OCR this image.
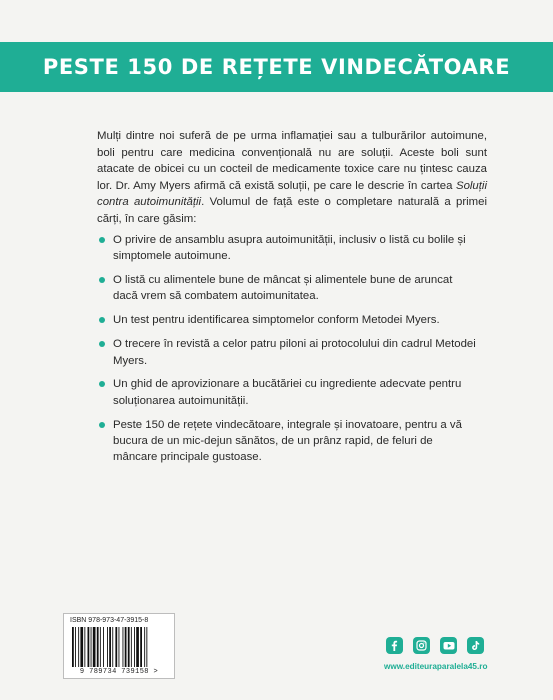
PESTE 150 DE REȚETE VINDECĂTOARE

Mulți dintre noi suferă de pe urma inflamației sau a tulburărilor autoimune, boli pentru care medicina convențională nu are soluții. Aceste boli sunt atacate de obicei cu un cocteil de medicamente toxice care nu țintesc cauza lor. Dr. Amy Myers afirmă că există soluții, pe care le descrie în cartea Soluții contra autoimunității. Volumul de față este o completare naturală a primei cărți, în care găsim:

O privire de ansamblu asupra autoimunității, inclusiv o listă cu bolile și simptomele autoimune.
O listă cu alimentele bune de mâncat și alimentele bune de aruncat dacă vrem să combatem autoimunitatea.
Un test pentru identificarea simptomelor conform Metodei Myers.
O trecere în revistă a celor patru piloni ai protocolului din cadrul Metodei Myers.
Un ghid de aprovizionare a bucătăriei cu ingrediente adecvate pentru soluționarea autoimunității.
Peste 150 de rețete vindecătoare, integrale și inovatoare, pentru a vă bucura de un mic-dejun sănătos, de un prânz rapid, de feluri de mâncare principale gustoase.
ISBN 978-973-47-3915-8
9 789734 739158 >
www.editeuraparalela45.ro
